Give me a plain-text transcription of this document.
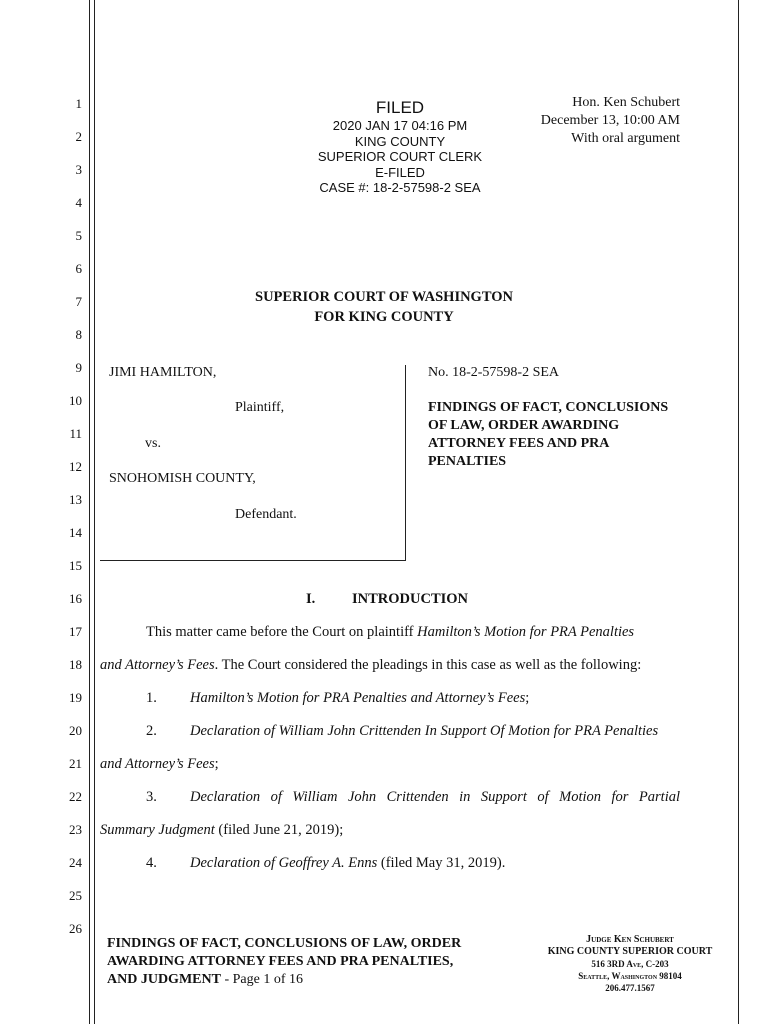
1
2
3
4
5
6
7
8
9
10
11
12
13
14
15
16
17
18
19
20
21
22
23
24
25
26
FILED
2020 JAN 17 04:16 PM
KING COUNTY
SUPERIOR COURT CLERK
E-FILED
CASE #: 18-2-57598-2 SEA
Hon. Ken Schubert
December 13, 10:00 AM
With oral argument
SUPERIOR COURT OF WASHINGTON
FOR KING COUNTY
JIMI HAMILTON,
Plaintiff,
vs.
SNOHOMISH COUNTY,
Defendant.
No. 18-2-57598-2 SEA
FINDINGS OF FACT, CONCLUSIONS
OF LAW, ORDER AWARDING
ATTORNEY FEES AND PRA
PENALTIES
I.	INTRODUCTION
This matter came before the Court on plaintiff Hamilton’s Motion for PRA Penalties
and Attorney’s Fees. The Court considered the pleadings in this case as well as the following:
1. Hamilton’s Motion for PRA Penalties and Attorney’s Fees;
2. Declaration of William John Crittenden In Support Of Motion for PRA Penalties
and Attorney’s Fees;
3. Declaration of William John Crittenden in Support of Motion for Partial
Summary Judgment (filed June 21, 2019);
4. Declaration of Geoffrey A. Enns (filed May 31, 2019).
FINDINGS OF FACT, CONCLUSIONS OF LAW, ORDER
AWARDING ATTORNEY FEES AND PRA PENALTIES,
AND JUDGMENT - Page 1 of 16
Judge Ken Schubert
KING COUNTY SUPERIOR COURT
516 3RD Ave, C-203
Seattle, Washington 98104
206.477.1567
